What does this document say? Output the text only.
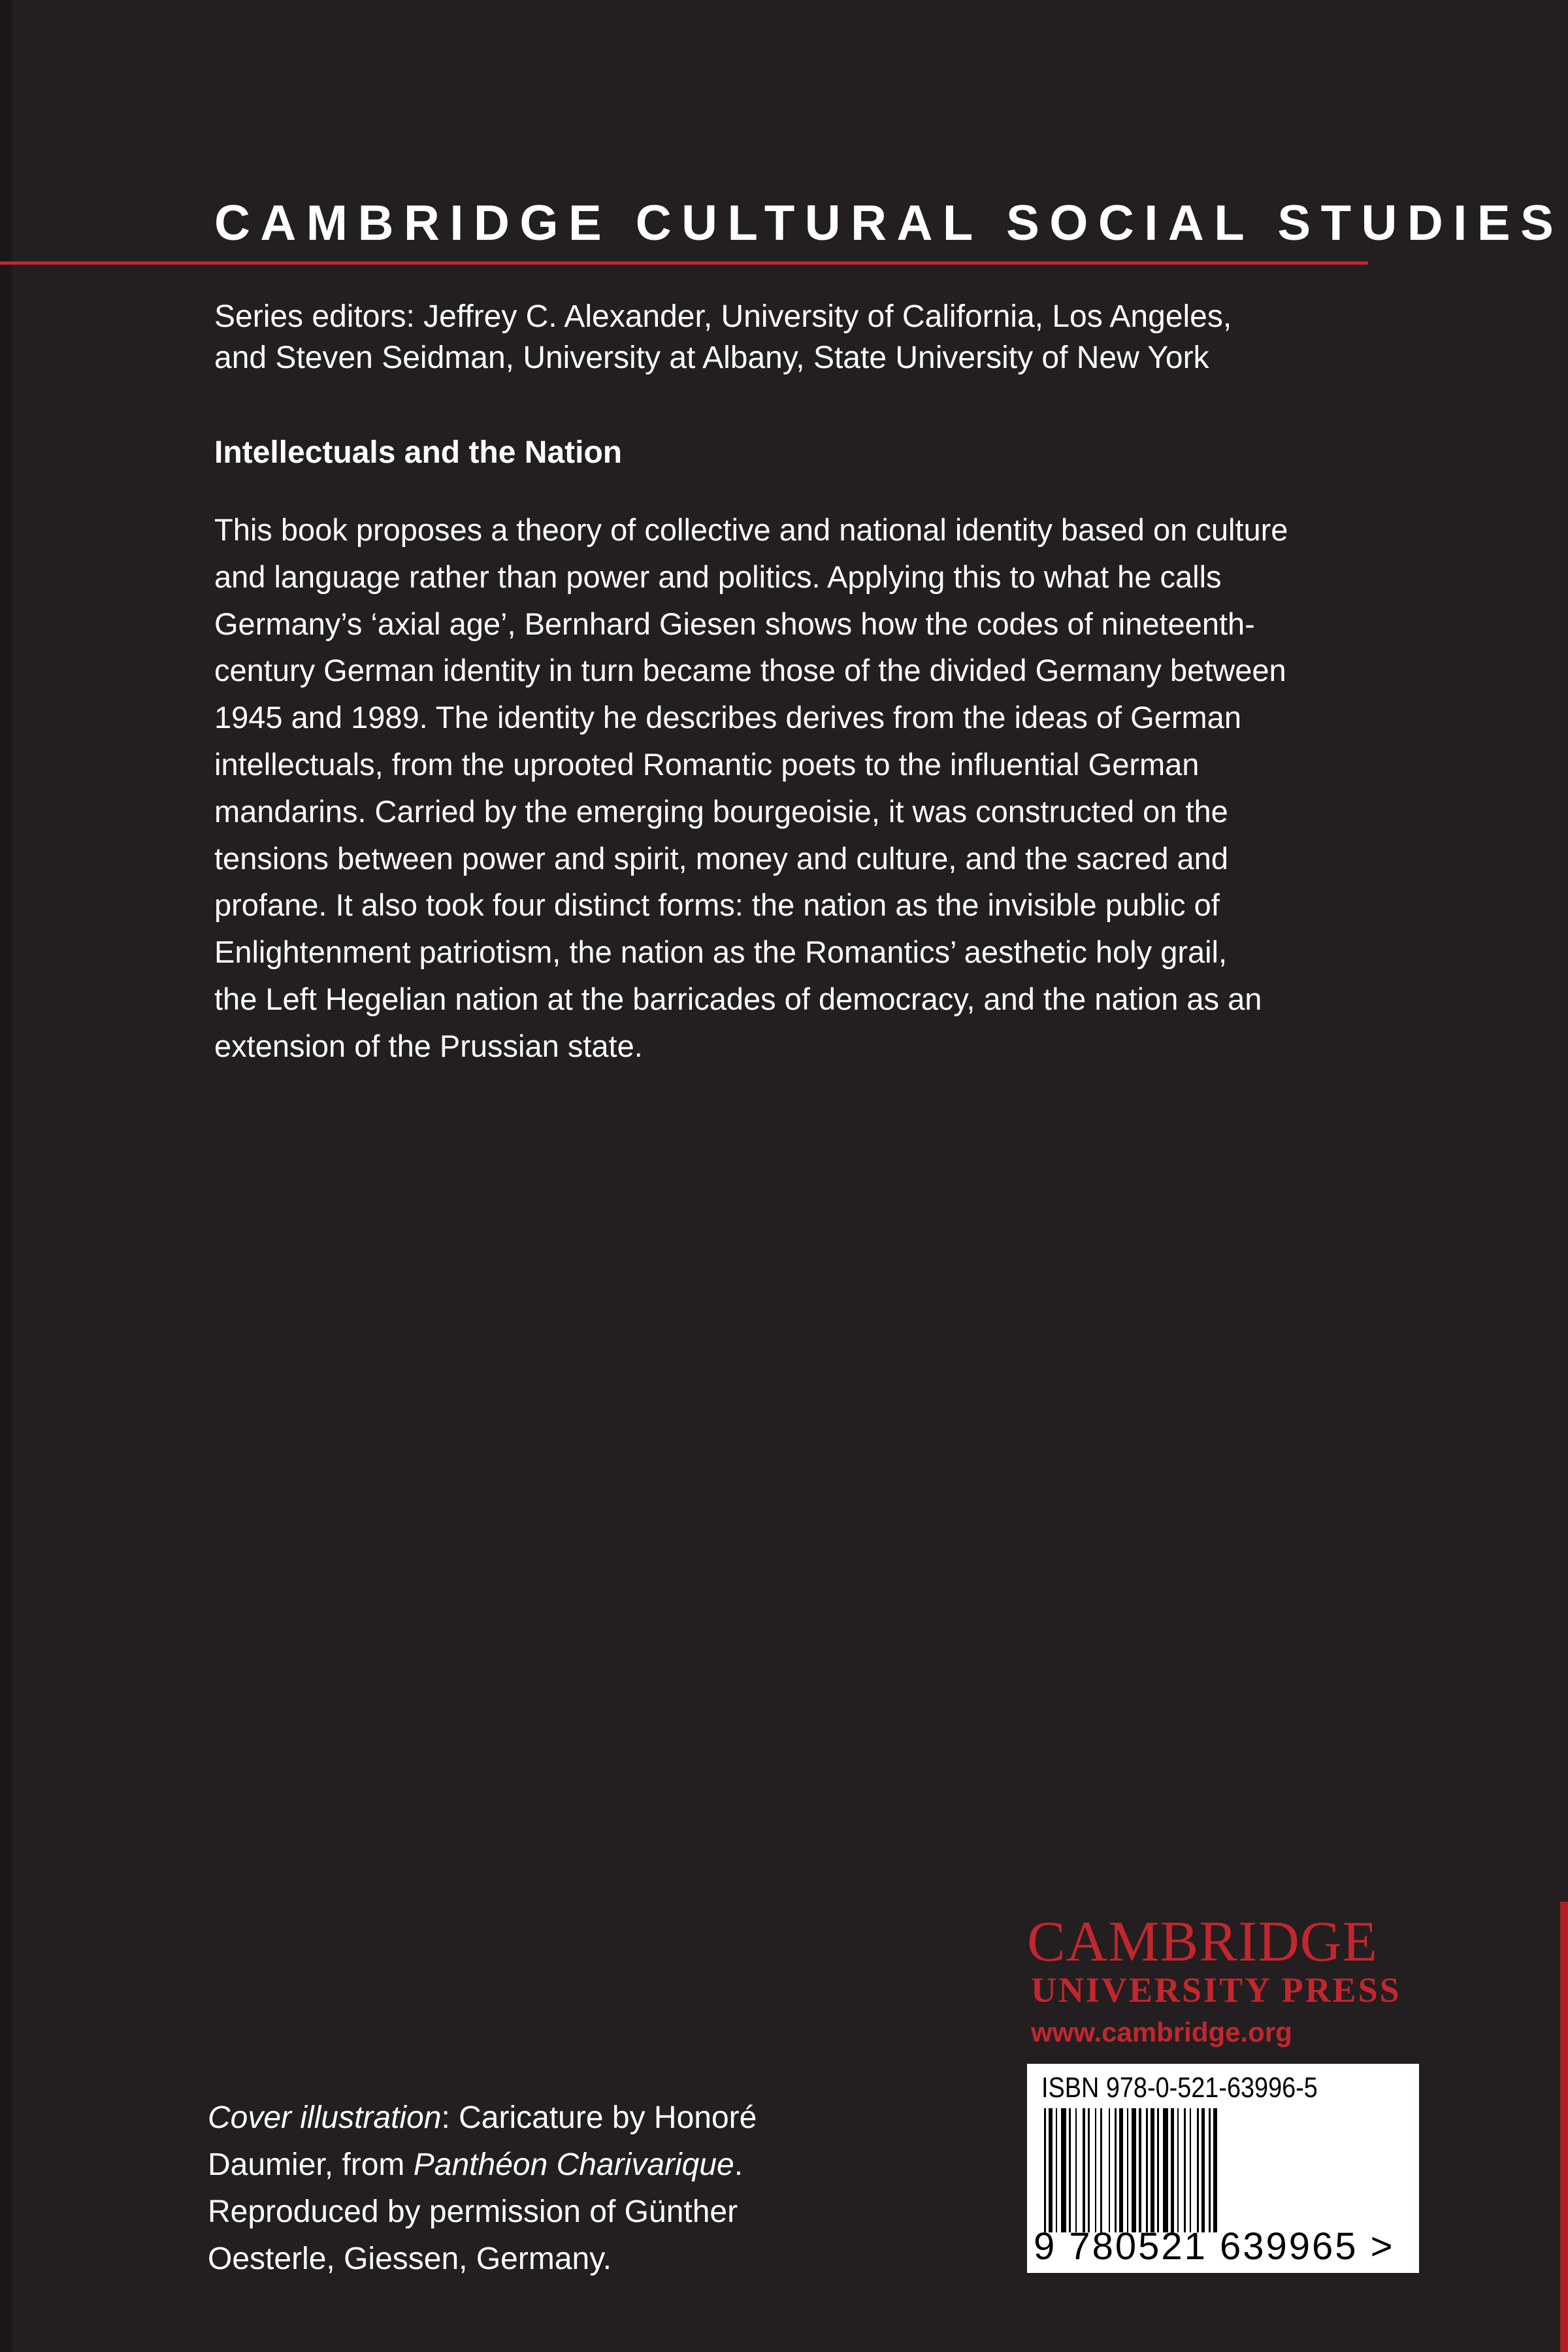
CAMBRIDGE CULTURAL SOCIAL STUDIES
Series editors: Jeffrey C. Alexander, University of California, Los Angeles,
and Steven Seidman, University at Albany, State University of New York
Intellectuals and the Nation
This book proposes a theory of collective and national identity based on culture
and language rather than power and politics. Applying this to what he calls
Germany’s ‘axial age’, Bernhard Giesen shows how the codes of nineteenth-
century German identity in turn became those of the divided Germany between
1945 and 1989. The identity he describes derives from the ideas of German
intellectuals, from the uprooted Romantic poets to the influential German
mandarins. Carried by the emerging bourgeoisie, it was constructed on the
tensions between power and spirit, money and culture, and the sacred and
profane. It also took four distinct forms: the nation as the invisible public of
Enlightenment patriotism, the nation as the Romantics’ aesthetic holy grail,
the Left Hegelian nation at the barricades of democracy, and the nation as an
extension of the Prussian state.
Cover illustration: Caricature by Honoré
Daumier, from Panthéon Charivarique.
Reproduced by permission of Günther
Oesterle, Giessen, Germany.
CAMBRIDGE
UNIVERSITY PRESS
www.cambridge.org
ISBN 978-0-521-63996-5
9 780521 639965 >
